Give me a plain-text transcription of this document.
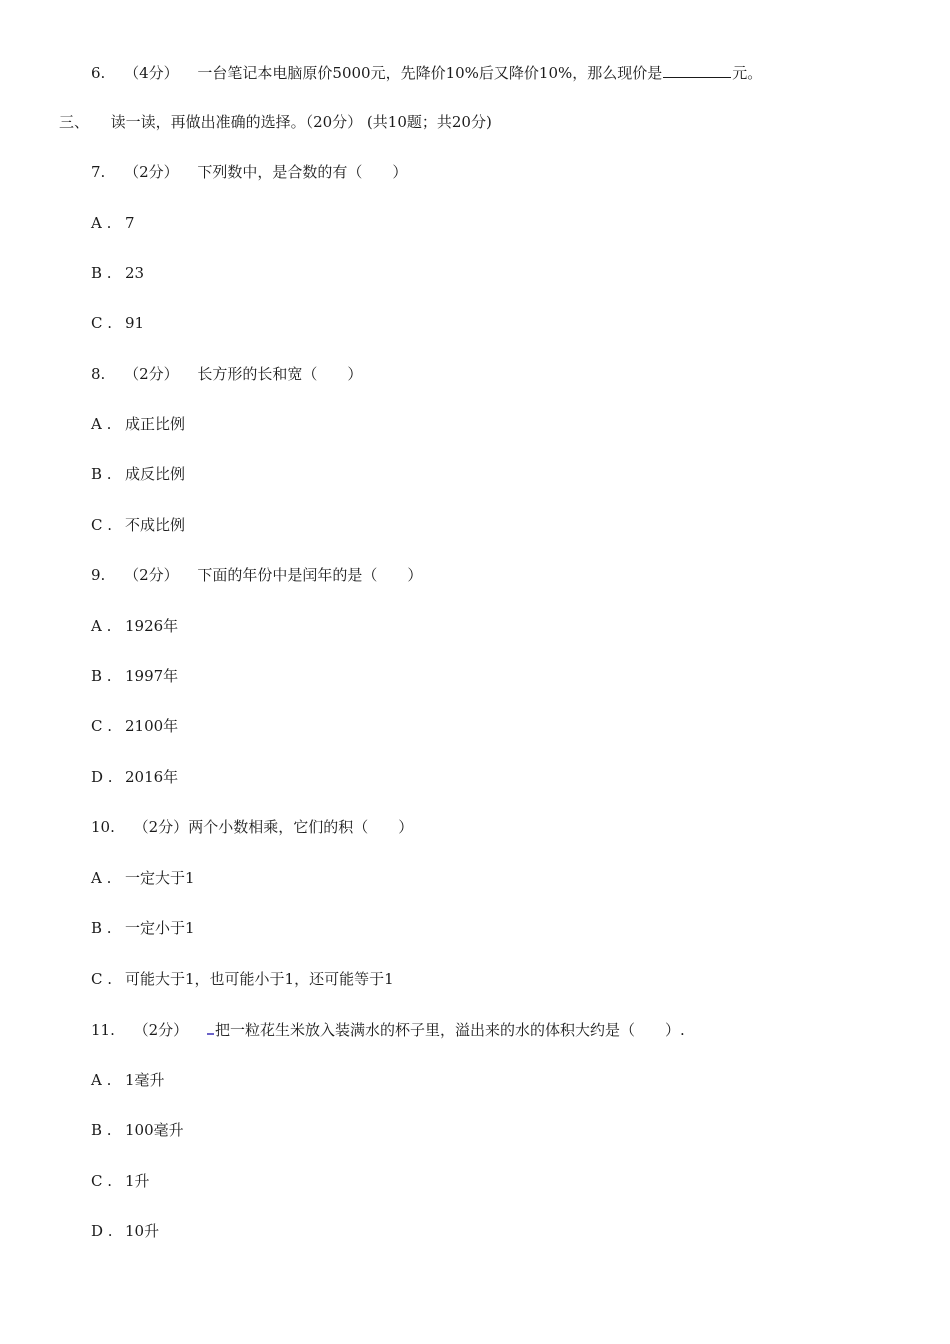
6. （4分） 一台笔记本电脑原价5000元，先降价10%后又降价10%，那么现价是	元。
三、 读一读，再做出准确的选择。（20分） (共10题；共20分)
7. （2分） 下列数中，是合数的有（　　）
A . 7
B . 23
C . 91
8. （2分） 长方形的长和宽（　　）
A . 成正比例
B . 成反比例
C . 不成比例
9. （2分） 下面的年份中是闰年的是（　　）
A . 1926年
B . 1997年
C . 2100年
D . 2016年
10. （2分）两个小数相乘，它们的积（　　）
A . 一定大于1
B . 一定小于1
C . 可能大于1，也可能小于1，还可能等于1
11. （2分） 把一粒花生米放入装满水的杯子里，溢出来的水的体积大约是（　　）.
A . 1毫升
B . 100毫升
C . 1升
D . 10升
